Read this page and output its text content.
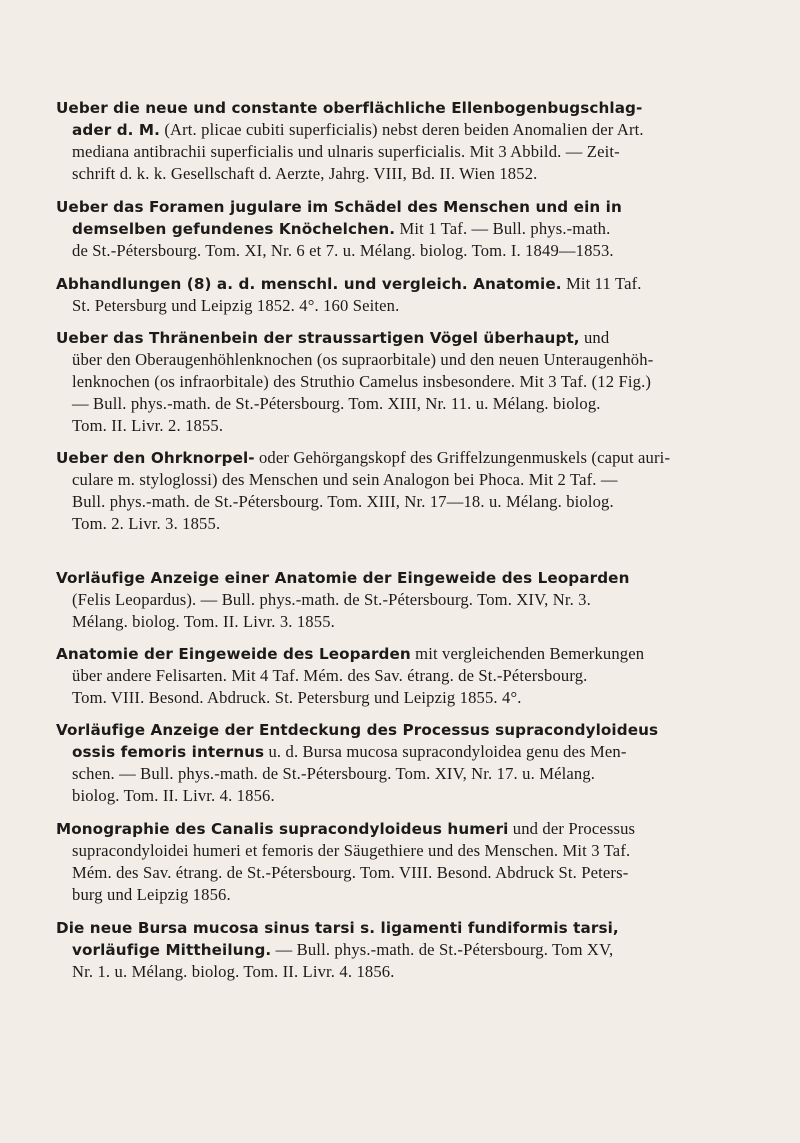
Ueber die neue und constante oberflächliche Ellenbogenbugschlag-
ader d. M. (Art. plicae cubiti superficialis) nebst deren beiden Anomalien der Art.
mediana antibrachii superficialis und ulnaris superficialis. Mit 3 Abbild. — Zeit-
schrift d. k. k. Gesellschaft d. Aerzte, Jahrg. VIII, Bd. II. Wien 1852.
Ueber das Foramen jugulare im Schädel des Menschen und ein in
demselben gefundenes Knöchelchen. Mit 1 Taf. — Bull. phys.-math.
de St.-Pétersbourg. Tom. XI, Nr. 6 et 7. u. Mélang. biolog. Tom. I. 1849—1853.
Abhandlungen (8) a. d. menschl. und vergleich. Anatomie. Mit 11 Taf.
St. Petersburg und Leipzig 1852. 4°. 160 Seiten.
Ueber das Thränenbein der straussartigen Vögel überhaupt, und
über den Oberaugenhöhlenknochen (os supraorbitale) und den neuen Unteraugenhöh-
lenknochen (os infraorbitale) des Struthio Camelus insbesondere. Mit 3 Taf. (12 Fig.)
— Bull. phys.-math. de St.-Pétersbourg. Tom. XIII, Nr. 11. u. Mélang. biolog.
Tom. II. Livr. 2. 1855.
Ueber den Ohrknorpel- oder Gehörgangskopf des Griffelzungenmuskels (caput auri-
culare m. styloglossi) des Menschen und sein Analogon bei Phoca. Mit 2 Taf. —
Bull. phys.-math. de St.-Pétersbourg. Tom. XIII, Nr. 17—18. u. Mélang. biolog.
Tom. 2. Livr. 3. 1855.
Vorläufige Anzeige einer Anatomie der Eingeweide des Leoparden
(Felis Leopardus). — Bull. phys.-math. de St.-Pétersbourg. Tom. XIV, Nr. 3.
Mélang. biolog. Tom. II. Livr. 3. 1855.
Anatomie der Eingeweide des Leoparden mit vergleichenden Bemerkungen
über andere Felisarten. Mit 4 Taf. Mém. des Sav. étrang. de St.-Pétersbourg.
Tom. VIII. Besond. Abdruck. St. Petersburg und Leipzig 1855. 4°.
Vorläufige Anzeige der Entdeckung des Processus supracondyloideus
ossis femoris internus u. d. Bursa mucosa supracondyloidea genu des Men-
schen. — Bull. phys.-math. de St.-Pétersbourg. Tom. XIV, Nr. 17. u. Mélang.
biolog. Tom. II. Livr. 4. 1856.
Monographie des Canalis supracondyloideus humeri und der Processus
supracondyloidei humeri et femoris der Säugethiere und des Menschen. Mit 3 Taf.
Mém. des Sav. étrang. de St.-Pétersbourg. Tom. VIII. Besond. Abdruck St. Peters-
burg und Leipzig 1856.
Die neue Bursa mucosa sinus tarsi s. ligamenti fundiformis tarsi,
vorläufige Mittheilung. — Bull. phys.-math. de St.-Pétersbourg. Tom XV,
Nr. 1. u. Mélang. biolog. Tom. II. Livr. 4. 1856.
